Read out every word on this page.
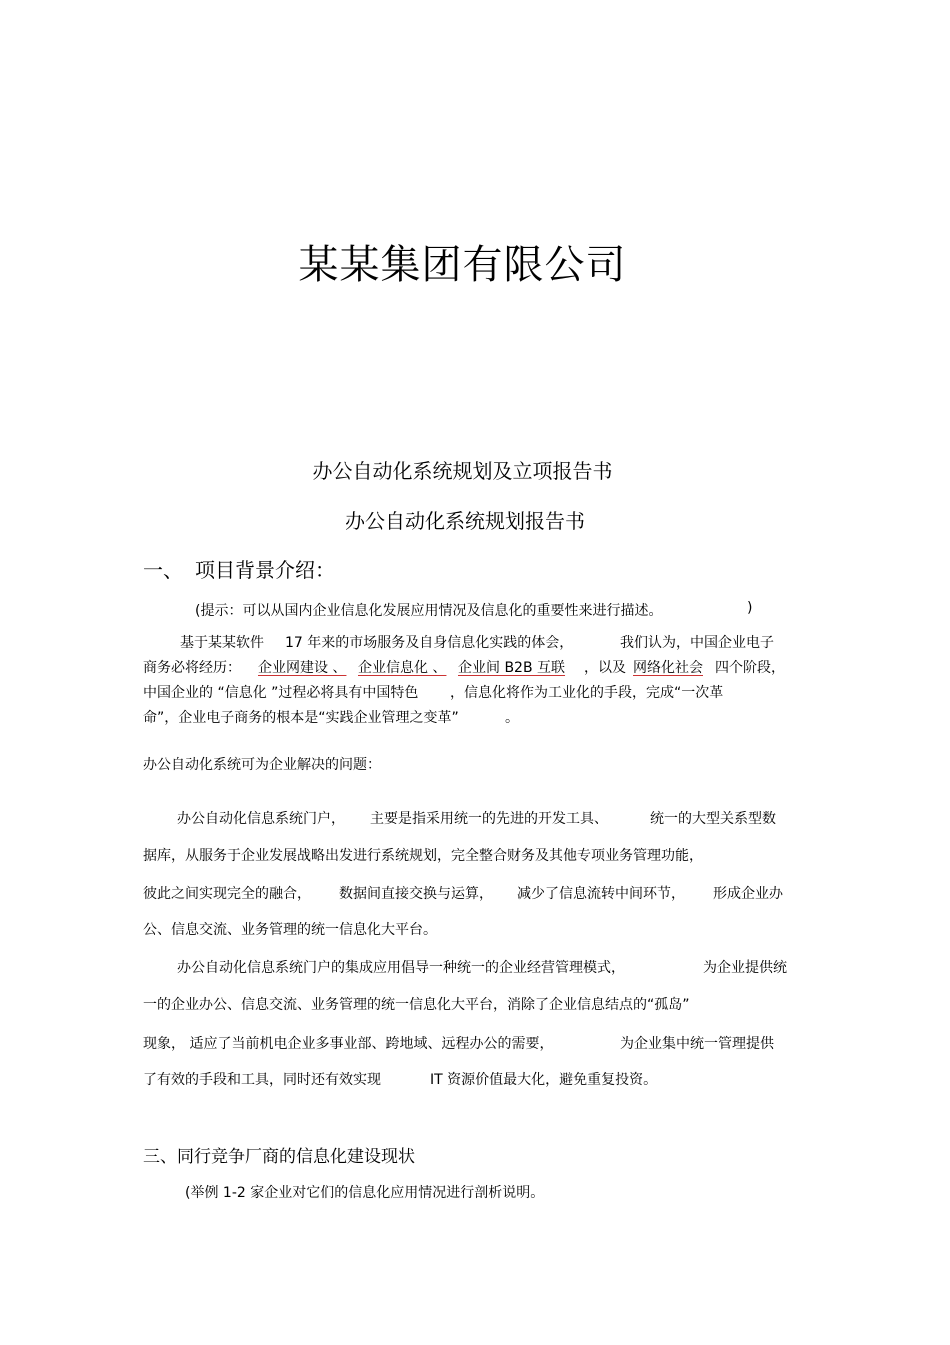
某某集团有限公司
办公自动化系统规划及立项报告书
办公自动化系统规划报告书
一、 项目背景介绍：
(提示：可以从国内企业信息化发展应用情况及信息化的重要性来进行描述。	)
基于某某软件 17 年来的市场服务及自身信息化实践的体会，	我们认为，中国企业电子
商务必将经历： 企业网建设 、 企业信息化 、 企业间 B2B 互联 ，以及 网络化社会 四个阶段，
中国企业的 “信息化 ”过程必将具有中国特色 ，信息化将作为工业化的手段，完成“一次革
命”，企业电子商务的根本是“实践企业管理之变革”	。
办公自动化系统可为企业解决的问题：
办公自动化信息系统门户， 主要是指采用统一的先进的开发工具、	统一的大型关系型数
据库，从服务于企业发展战略出发进行系统规划，完全整合财务及其他专项业务管理功能，
彼此之间实现完全的融合， 数据间直接交换与运算， 减少了信息流转中间环节， 形成企业办
公、信息交流、业务管理的统一信息化大平台。
办公自动化信息系统门户的集成应用倡导一种统一的企业经营管理模式，	为企业提供统
一的企业办公、信息交流、业务管理的统一信息化大平台，消除了企业信息结点的“孤岛”
现象， 适应了当前机电企业多事业部、跨地域、远程办公的需要，	为企业集中统一管理提供
了有效的手段和工具，同时还有效实现	IT 资源价值最大化，避免重复投资。
三、同行竞争厂商的信息化建设现状
(举例 1-2 家企业对它们的信息化应用情况进行剖析说明。
